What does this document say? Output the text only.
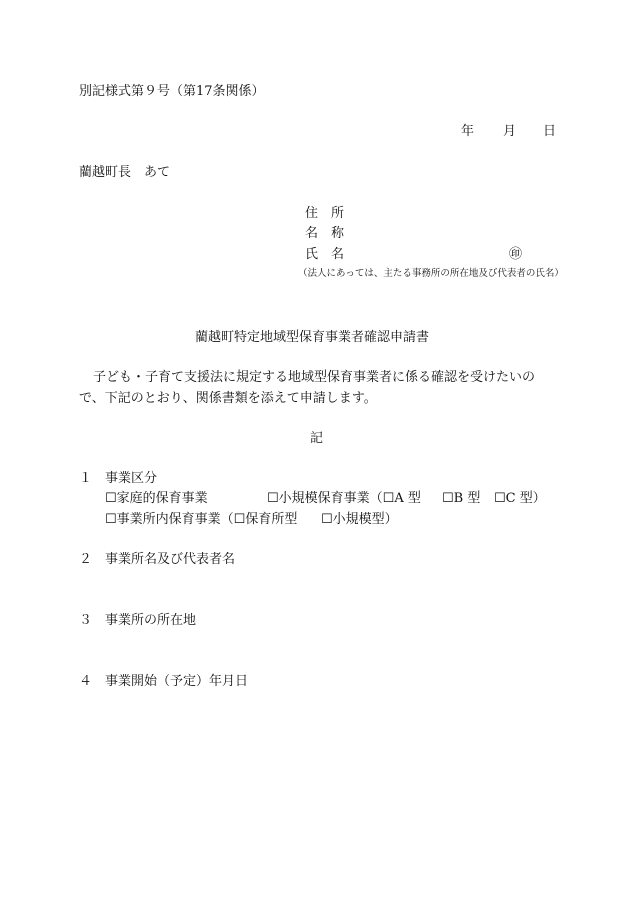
別記様式第９号（第17条関係）
年 月 日
藺越町長　あて
住　所
名　称
氏　名	㊞
（法人にあっては、主たる事務所の所在地及び代表者の氏名）
藺越町特定地域型保育事業者確認申請書
子ども・子育て支援法に規定する地域型保育事業者に係る確認を受けたいの
で、下記のとおり、関係書類を添えて申請します。
記
１ 事業区分
☐家庭的保育事業	☐小規模保育事業（☐A 型 ☐B 型 ☐C 型）
☐事業所内保育事業（☐保育所型 ☐小規模型）
２ 事業所名及び代表者名
３ 事業所の所在地
４ 事業開始（予定）年月日
